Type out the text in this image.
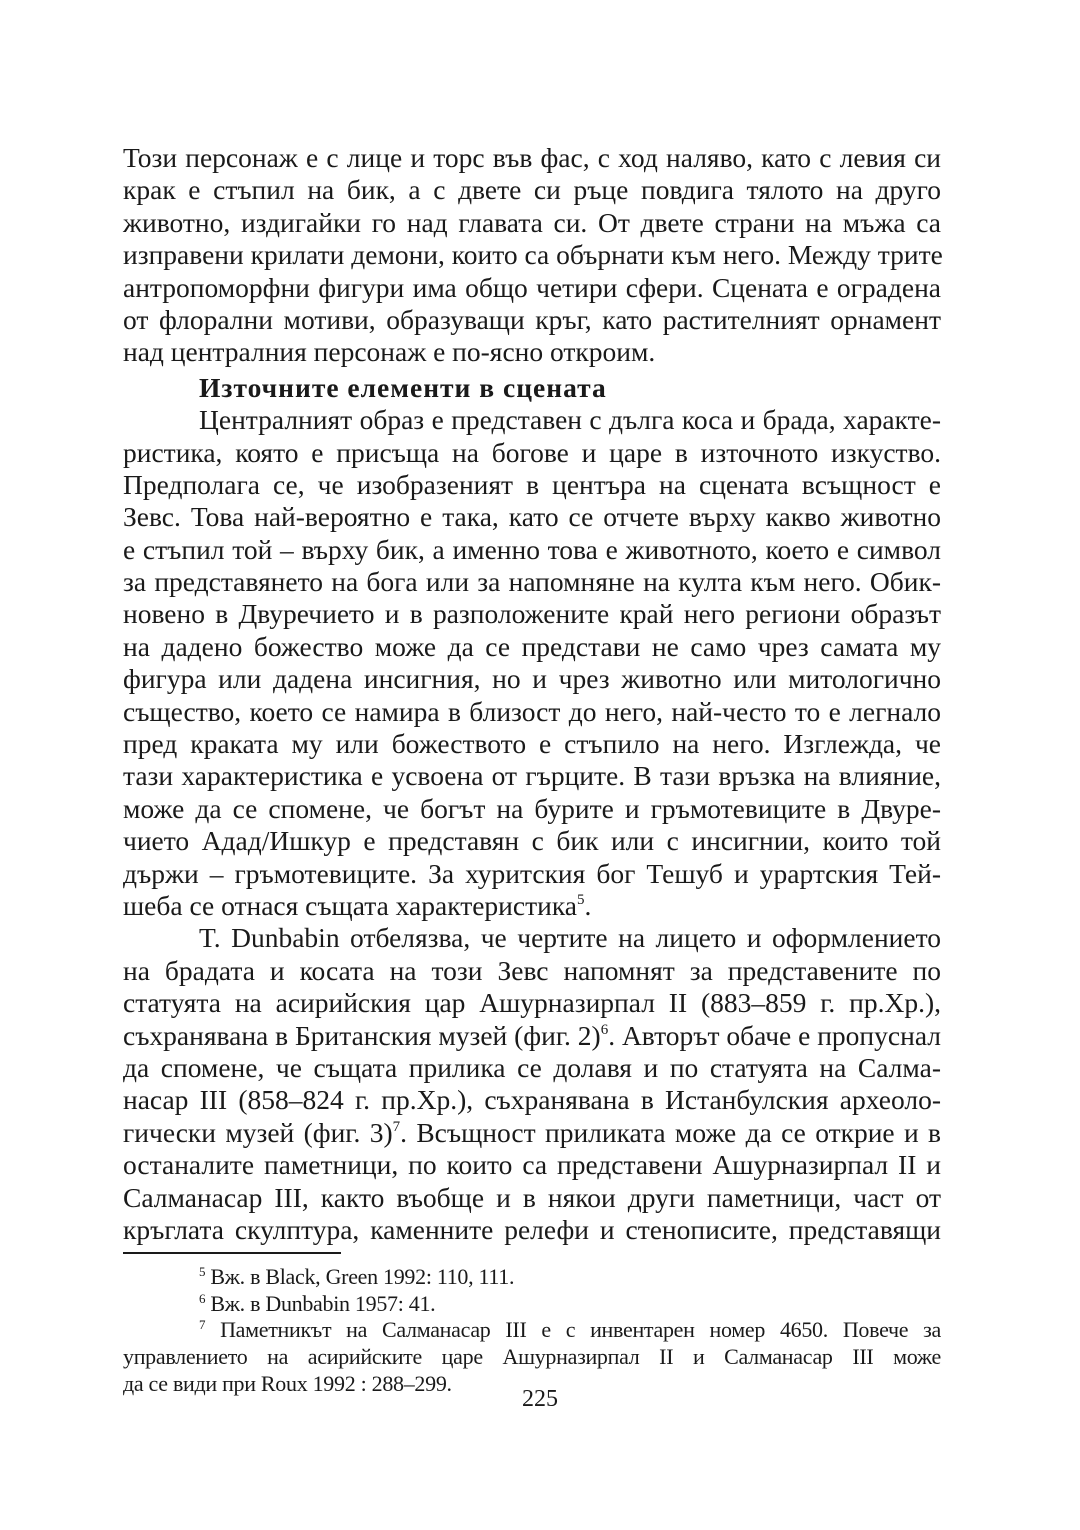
Този персонаж е с лице и торс във фас, с ход наляво, като с левия си
крак е стъпил на бик, а с двете си ръце повдига тялото на друго
животно, издигайки го над главата си. От двете страни на мъжа са
изправени крилати демони, които са обърнати към него. Между трите
антропоморфни фигури има общо четири сфери. Сцената е оградена
от флорални мотиви, образуващи кръг, като растителният орнамент
над централния персонаж е по-ясно откроим.
Източните елементи в сцената
Централният образ е представен с дълга коса и брада, характе-
ристика, която е присъща на богове и царе в източното изкуство.
Предполага се, че изобразеният в центъра на сцената всъщност е
Зевс. Това най-вероятно е така, като се отчете върху какво животно
е стъпил той – върху бик, а именно това е животното, което е символ
за представянето на бога или за напомняне на култа към него. Обик-
новено в Двуречието и в разположените край него региони образът
на дадено божество може да се представи не само чрез самата му
фигура или дадена инсигния, но и чрез животно или митологично
същество, което се намира в близост до него, най-често то е легнало
пред краката му или божеството е стъпило на него. Изглежда, че
тази характеристика е усвоена от гърците. В тази връзка на влияние,
може да се спомене, че богът на бурите и гръмотевиците в Двуре-
чието Адад/Ишкур е представян с бик или с инсигнии, които той
държи – гръмотевиците. За хуритския бог Тешуб и урартския Тей-
шеба се отнася същата характеристика$^5$.
T. Dunbabin отбелязва, че чертите на лицето и оформлението
на брадата и косата на този Зевс напомнят за представените по
статуята на асирийския цар Ашурназирпал II (883–859 г. пр.Хр.),
съхранявана в Британския музей (фиг. 2)$^6$. Авторът обаче е пропуснал
да спомене, че същата прилика се долавя и по статуята на Салма-
насар III (858–824 г. пр.Хр.), съхранявана в Истанбулския археоло-
гически музей (фиг. 3)$^7$. Всъщност приликата може да се открие и в
останалите паметници, по които са представени Ашурназирпал II и
Салманасар III, както въобще и в някои други паметници, част от
кръглата скулптура, каменните релефи и стенописите, представящи
$^5$ Вж. в Black, Green 1992: 110, 111.
$^6$ Вж. в Dunbabin 1957: 41.
$^7$ Паметникът на Салманасар III е с инвентарен номер 4650. Повече за
управлението на асирийските царе Ашурназирпал II и Салманасар III може
да се види при Roux 1992 : 288–299.
225
